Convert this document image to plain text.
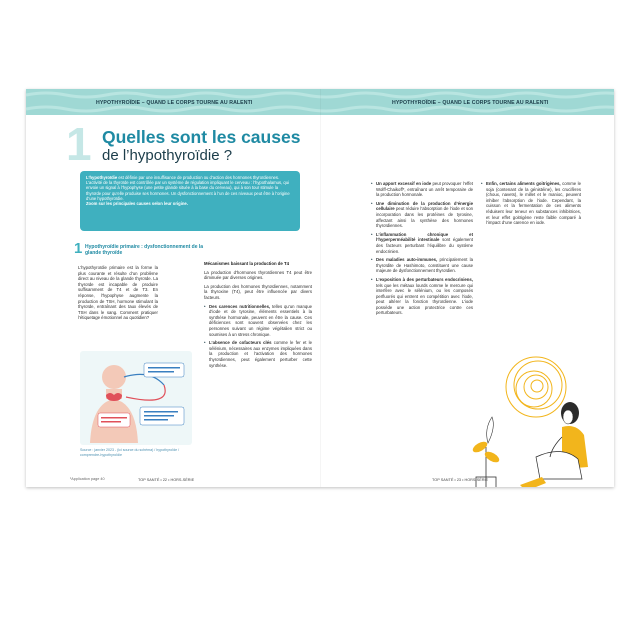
HYPOTHYROÏDIE – QUAND LE CORPS TOURNE AU RALENTI	HYPOTHYROÏDIE – QUAND LE CORPS TOURNE AU RALENTI
1 Quelles sont les causes
de l’hypothyroïdie ?

L’hypothyroïdie est définie par une insuffisance de production ou d’action des hormones thyroïdiennes. L’activité de la thyroïde est contrôlée par un système de régulation impliquant le cerveau : l’hypothalamus, qui envoie un signal à l’hypophyse (une petite glande située à la base du cerveau), qui à son tour stimule la thyroïde pour qu’elle produise ses hormones. Un dysfonctionnement à l’un de ces niveaux peut être à l’origine d’une hypothyroïdie.

Zoom sur les principales causes selon leur origine.

1 Hypothyroïdie primaire : dysfonctionnement de la glande thyroïde

L’hypothyroïdie primaire est la forme la plus courante et résulte d’un problème direct au niveau de la glande thyroïde. La thyroïde est incapable de produire suffisamment de T4 et de T3. En réponse, l’hypophyse augmente la production de TSH, hormone stimulant la thyroïde, entraînant des taux élevés de TSH dans le sang. Comment pratiquer l’étiquetage émotionnel au quotidien?

Source : janvier 2023 - (ici source du schéma) / hypothyroïde / comprendre-hypothyroïdie
¹Application page 40

Mécanismes baissant la production de T4

La production d’hormones thyroïdiennes T4 peut être diminuée par diverses origines.

La production des hormones thyroïdiennes, notamment la thyroxine (T4), peut être influencée par divers facteurs.

• Des carences nutritionnelles, telles qu’un manque d’iode et de tyrosine, éléments essentiels à la synthèse hormonale, peuvent en être la cause. Ces déficiences sont souvent observées chez les personnes suivant un régime végétalien strict ou soumises à un stress chronique.

• L’absence de cofacteurs clés comme le fer et le sélénium, nécessaires aux enzymes impliquées dans la production et l’activation des hormones thyroïdiennes, peut également perturber cette synthèse.

• Un apport excessif en iode peut provoquer l’effet Wolff-Chaikoff*, entraînant un arrêt temporaire de la production hormonale.

• Une diminution de la production d’énergie cellulaire peut réduire l’absorption de l’iode et son incorporation dans les protéines de tyrosine, affectant ainsi la synthèse des hormones thyroïdiennes.

• L’inflammation chronique et l’hyperperméabilité intestinale sont également des facteurs perturbant l’équilibre du système endocrinien.

• Des maladies auto-immunes, principalement la thyroïdite de Hashimoto, constituent une cause majeure de dysfonctionnement thyroïdien.

• L’exposition à des perturbateurs endocriniens, tels que les métaux lourds comme le mercure qui interfère avec le sélénium, ou les composés perfluorés qui entrent en compétition avec l’iode, peut altérer la fonction thyroïdienne. L’iode possède une action protectrice contre ces perturbateurs.

• Enfin, certains aliments goitrigènes, comme le soja (contenant de la génistéine), les crucifères (choux, navets), le millet et le manioc, peuvent inhiber l’absorption de l’iode. Cependant, la cuisson et la fermentation de ces aliments réduisent leur teneur en substances inhibitrices, et leur effet goitrigène reste faible comparé à l’impact d’une carence en iode.

TOP SANTÉ • 22 • HORS-SÉRIE	TOP SANTÉ • 23 • HORS-SÉRIE
